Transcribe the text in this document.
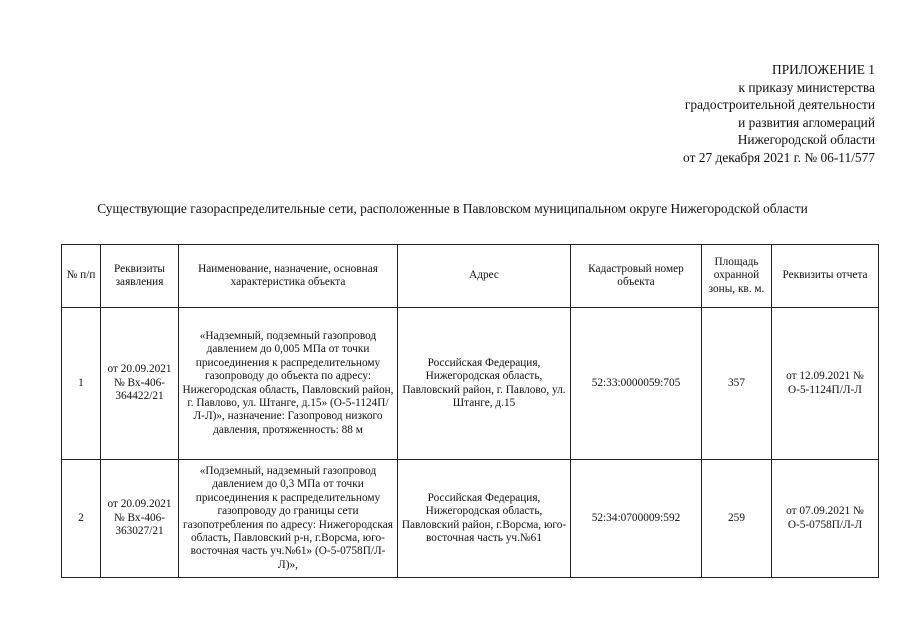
ПРИЛОЖЕНИЕ 1
к приказу министерства
градостроительной деятельности
и развития агломераций
Нижегородской области
от 27 декабря 2021 г. № 06-11/577
Существующие газораспределительные сети, расположенные в Павловском муниципальном округе Нижегородской области
№ п/п	Реквизиты заявления	Наименование, назначение, основная характеристика объекта	Адрес	Кадастровый номер объекта	Площадь охранной зоны, кв. м.	Реквизиты отчета
1	от 20.09.2021 № Вх-406-364422/21	«Надземный, подземный газопровод давлением до 0,005 МПа от точки присоединения к распределительному газопроводу до объекта по адресу: Нижегородская область, Павловский район, г. Павлово, ул. Штанге, д.15» (О-5-1124П/Л-Л)», назначение: Газопровод низкого давления, протяженность: 88 м	Российская Федерация, Нижегородская область, Павловский район, г. Павлово, ул. Штанге, д.15	52:33:0000059:705	357	от 12.09.2021 № О-5-1124П/Л-Л
2	от 20.09.2021 № Вх-406-363027/21	«Подземный, надземный газопровод давлением до 0,3 МПа от точки присоединения к распределительному газопроводу до границы сети газопотребления по адресу: Нижегородская область, Павловский р-н, г.Ворсма, юго-восточная часть уч.№61» (О-5-0758П/Л-Л)»,	Российская Федерация, Нижегородская область, Павловский район, г.Ворсма, юго-восточная часть уч.№61	52:34:0700009:592	259	от 07.09.2021 № О-5-0758П/Л-Л
